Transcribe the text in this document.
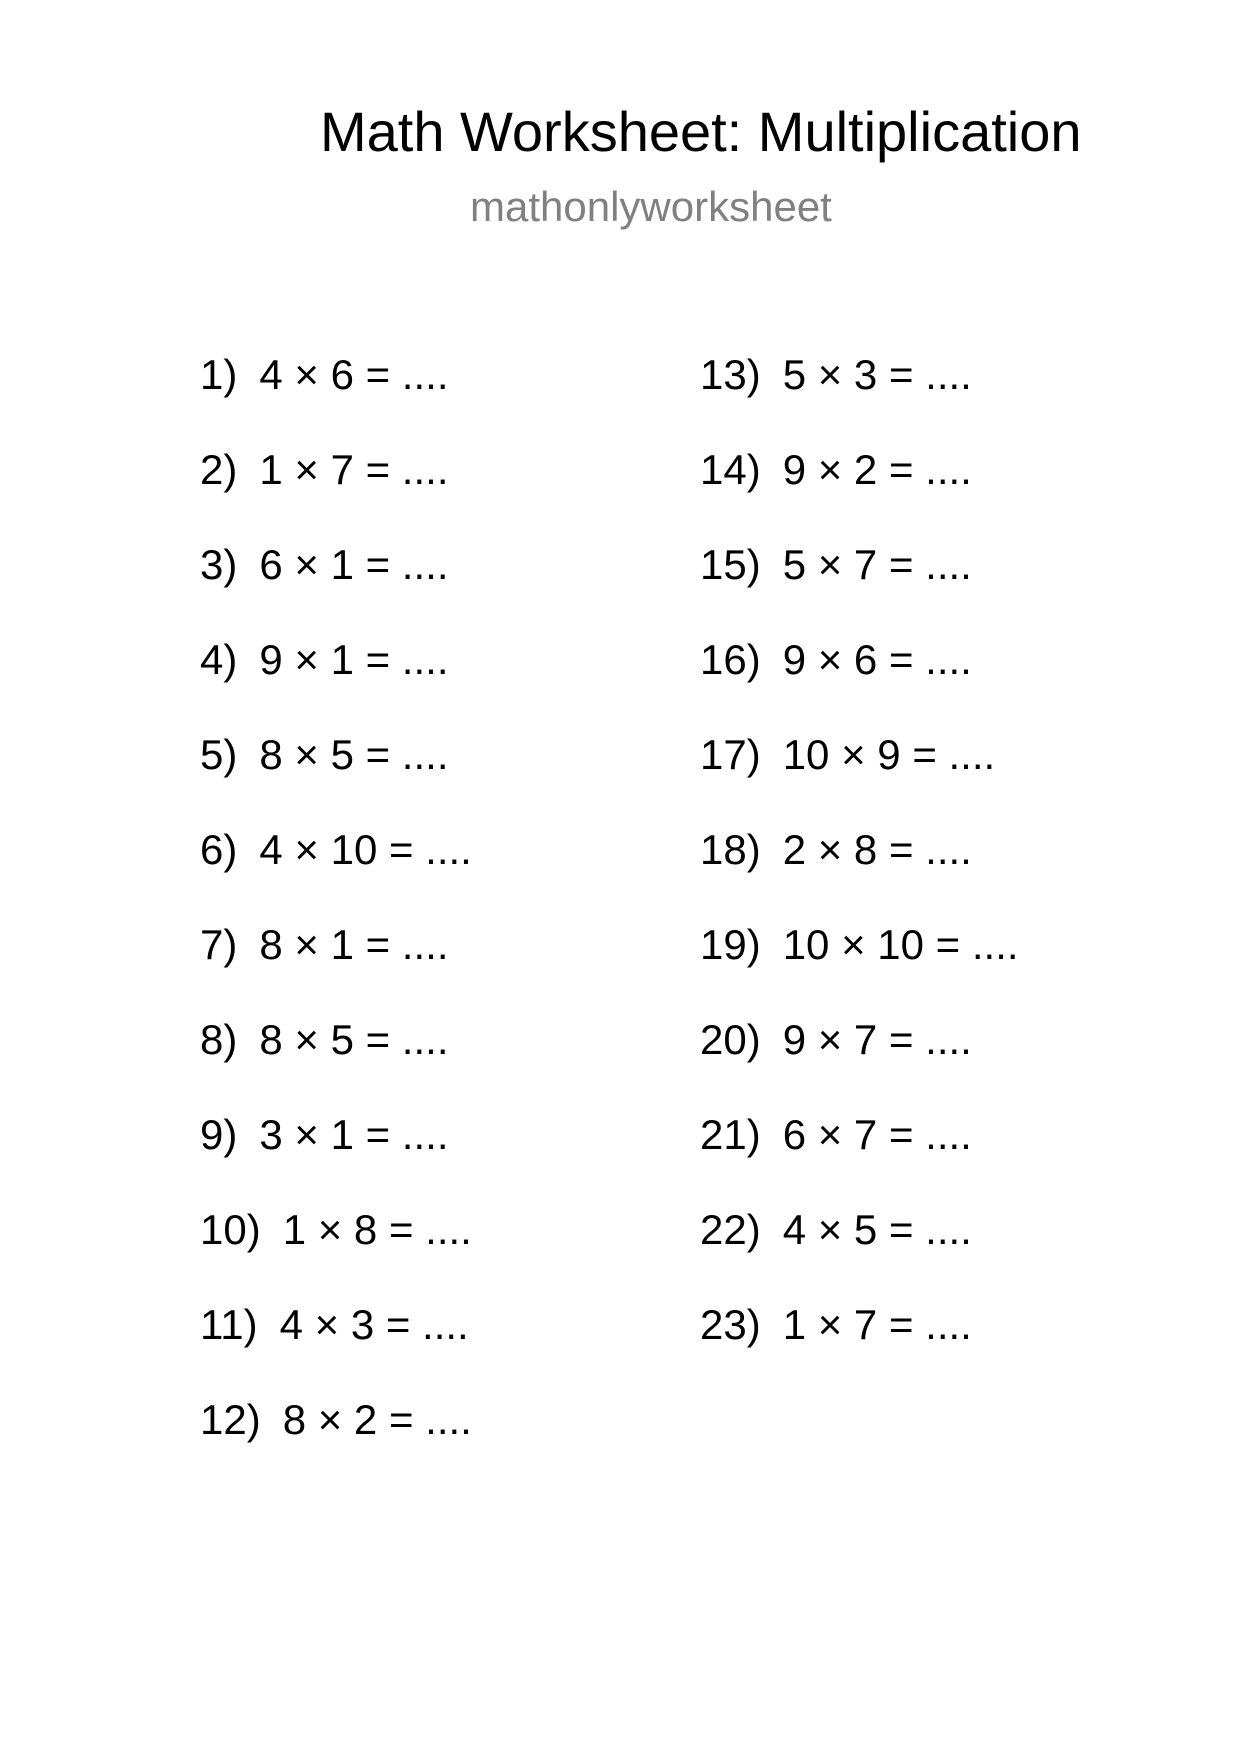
Math Worksheet: Multiplication

mathonlyworksheet

1) 4 × 6 = ....
2) 1 × 7 = ....
3) 6 × 1 = ....
4) 9 × 1 = ....
5) 8 × 5 = ....
6) 4 × 10 = ....
7) 8 × 1 = ....
8) 8 × 5 = ....
9) 3 × 1 = ....
10) 1 × 8 = ....
11) 4 × 3 = ....
12) 8 × 2 = ....
13) 5 × 3 = ....
14) 9 × 2 = ....
15) 5 × 7 = ....
16) 9 × 6 = ....
17) 10 × 9 = ....
18) 2 × 8 = ....
19) 10 × 10 = ....
20) 9 × 7 = ....
21) 6 × 7 = ....
22) 4 × 5 = ....
23) 1 × 7 = ....
